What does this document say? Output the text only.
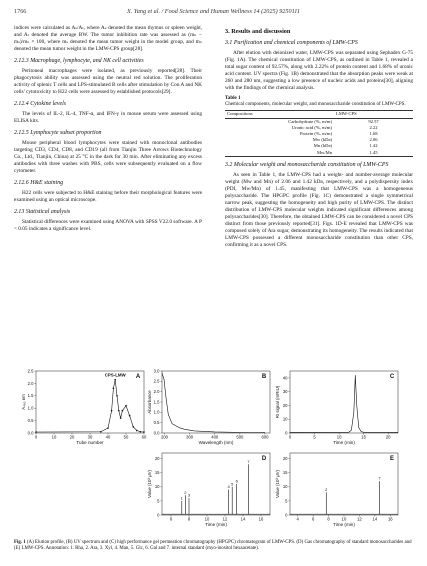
1766	X. Yang et al. / Food Science and Human Wellness 14 (2025) 9250111

indices were calculated as Aₛ/Aₗ, where Aₛ denoted the mean thymus or spleen weight, and Aₗ denoted the average BW. The tumor inhibition rate was assessed as (mₙ − mₛ)/mₙ × 100, where mₛ denoted the mean tumor weight in the model group, and mₙ denoted the mean tumor weight in the LMW-CPS group[28].

2.12.3 Macrophage, lymphocyte, and NK cell activities

Peritoneal macrophages were isolated, as previously reported[28]. Their phagocytosis ability was assessed using the neutral red solution. The proliferation activity of splenic T cells and LPS-stimulated B cells after stimulation by Con A and NK cells' cytotoxicity to H22 cells were assessed by established protocols[29].

2.12.4 Cytokine levels

The levels of IL-2, IL-4, TNF-α, and IFN-γ in mouse serum were assessed using ELISA kits.

2.12.5 Lymphocyte subset proportion

Mouse peripheral blood lymphocytes were stained with monoclonal antibodies targeting CD3, CD4, CD8, and CD19 (all from Tianjin Three Arrows Biotechnology Co., Ltd., Tianjin, China) at 25 °C in the dark for 30 min. After eliminating any excess antibodies with three washes with PBS, cells were subsequently evaluated on a flow cytometer.

2.12.6 H&E staining

H22 cells were subjected to H&E staining before their morphological features were examined using an optical microscope.

2.13 Statistical analysis

Statistical differences were examined using ANOVA with SPSS V22.0 software. A P < 0.05 indicates a significance level.

3. Results and discussion
3.1 Purification and chemical components of LMW-CPS

After elution with deionized water, LMW-CPS was separated using Sephadex G-75 (Fig. 1A). The chemical constitution of LMW-CPS, as outlined in Table 1, revealed a total sugar content of 92.57%, along with 2.22% of protein content and 1.68% of uronic acid content. UV spectra (Fig. 1B) demonstrated that the absorption peaks were weak at 260 and 280 nm, suggesting a low presence of nucleic acids and proteins[30], aligning with the findings of the chemical analysis.

Table 1
Chemical components, molecular weight, and monosaccharide constitution of LMW-CPS.
Compositions	LMW-CPS
Carbohydrate (%, m/m)	92.57
Uronic acid (%, m/m)	2.22
Protein (%, m/m)	1.68
Mw (kDa)	2.06
Mn (kDa)	1.42
Mw/Mn	1.45
3.2 Molecular weight and monosaccharide constitution of LMW-CPS

As seen in Table 1, the LMW-CPS had a weight- and number-average molecular weight (Mw and Mn) of 2.06 and 1.42 kDa, respectively, and a polydispersity index (PDI, Mw/Mn) of 1.45, manifesting that LMW-CPS was a homogeneous polysaccharide. The HPGPC profile (Fig. 1C) demonstrated a single symmetrical narrow peak, suggesting the homogeneity and high purity of LMW-CPS. The distinct distribution of LMW-CPS molecular weights indicated significant differences among polysaccharides[30]. Therefore, the obtained LMW-CPS can be considered a novel CPS distinct from those previously reported[31]. Figs. 1D-E revealed that LMW-CPS was composed solely of Ara sugar, demonstrating its homogeneity. The results indicated that LMW-CPS possessed a different monosaccharide constitution than other CPS, confirming it as a novel CPS.

0	10	20	30	40	50	60
0.0
0.5
1.0
1.5
2.0
2.5
Tube number
A₄₉₀ nm
A
CPS-LMW
200	300	400	500	600
0.0
0.5
1.0
1.5
2.0
2.5
3.0
Wavelength (nm)
Absorbance
B
0	5	10	15	20
0
10
20
30
40
Time (min)
RI signal (mRIU)
C
6	8	10	12	14	16
0
5
10
15
20
Time (min)
Value (10³ μV)
D
1
2
3
4
5
6
7
4	6	8	10	12	14	16
0
5
10
15
20
Time (min)
Value (10³ μV)
E
2
7
Fig. 1 (A) Elution profile, (B) UV spectrum and (C) high performance gel permeation chromatography (HPGPC) chromatogram of LMW-CPS. (D) Gas chromatography of standard monosaccharides and (E) LMW-CPS. Annotation: 1. Rha, 2. Ara, 3. Xyl, 4. Man, 5. Glc, 6. Gal and 7. internal standard (myo-inositol hexaacetate).
